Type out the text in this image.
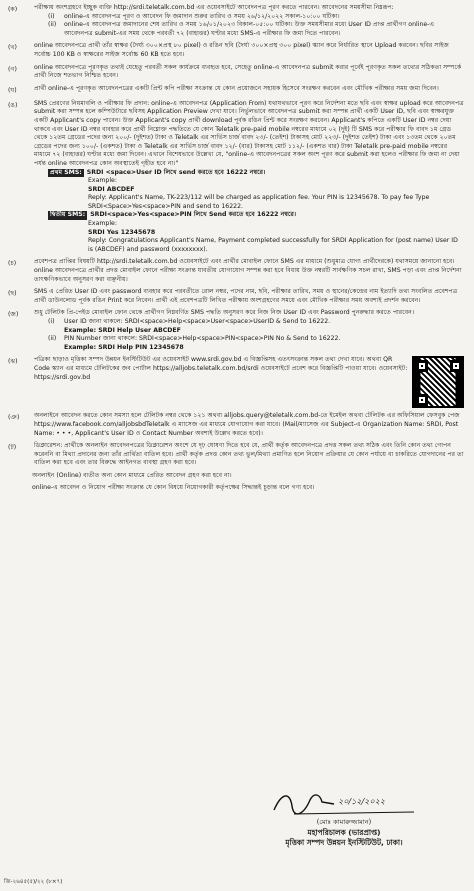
(ক)	পরীক্ষায় অংশগ্রহণে ইচ্ছুক ব্যক্তি http://srdi.teletalk.com.bd এর ওয়েবসাইটে আবেদনপত্র পূরণ করতে পারবেন। আবেদনের সময়সীমা নিম্নরূপ:
(i)	online-এ আবেদনপত্র পূরণ ও আবেদন ফি জমাদান শুরুর তারিখ ও সময় ২৬/১২/২০২২ সকাল-১০:০০ ঘটিকা।
(ii)	online-এ আবেদনপত্র জমাদানের শেষ তারিখ ও সময় ১৬/০১/২০২৩ বিকাল-০৫:০০ ঘটিকা। উক্ত সময়সীমার মধ্যে User ID প্রাপ্ত প্রার্থীগণ online-এ আবেদনপত্র submit-এর সময় থেকে পরবর্তী ৭২ (বাহাত্তর) ঘণ্টার মধ্যে SMS-এ পরীক্ষার ফি জমা দিতে পারবেন।
(খ)	online আবেদনপত্রে প্রার্থী তাঁর স্বাক্ষর (দৈর্ঘ্য ৩০০×প্রস্থ ৮০ pixel) ও রঙিন ছবি (দৈর্ঘ্য ৩০০×প্রস্থ ৩০০ pixel) স্ক্যান করে নির্ধারিত স্থানে Upload করবেন। ছবির সাইজ সর্বোচ্চ 100 KB ও স্বাক্ষরের সাইজ সর্বোচ্চ 60 KB হতে হবে।
(গ)	online আবেদনপত্রে পূরণকৃত তথ্যই যেহেতু পরবর্তী সকল কার্যক্রমে ব্যবহৃত হবে, সেহেতু online-এ আবেদনপত্র submit করার পূর্বেই পূরণকৃত সকল তথ্যের সঠিকতা সম্পর্কে প্রার্থী নিজে শতভাগ নিশ্চিত হবেন।
(ঘ)	প্রার্থী online-এ পূরণকৃত আবেদনপত্রের একটি প্রিন্ট কপি পরীক্ষা সংক্রান্ত যে কোন প্রয়োজনে সহায়ক হিসেবে সংরক্ষণ করবেন এবং মৌখিক পরীক্ষার সময় জমা দিবেন।
(ঙ)	SMS প্রেরণের নিয়মাবলি ও পরীক্ষার ফি প্রদান: online-এ আবেদনপত্র (Application From) যথাযথভাবে পূরণ করে নির্দেশনা মতে ছবি এবং স্বাক্ষর upload করে আবেদনপত্র submit করা সম্পন্ন হলে কম্পিউটারে ছবিসহ Application Preview দেখা যাবে। নির্ভুলভাবে আবেদনপত্র submit করা সম্পন্ন প্রার্থী একটি User ID, ছবি এবং স্বাক্ষরযুক্ত একটি Applicant's copy পাবেন। উক্ত Applicant's copy প্রার্থী download পূর্বক রঙিন প্রিন্ট করে সংরক্ষণ করবেন। Applicant's কপিতে একটি User ID নম্বর দেয়া থাকবে এবং User ID নম্বর ব্যবহার করে প্রার্থী নিম্নোক্ত পদ্ধতিতে যে কোন Teletalk pre-paid mobile নম্বরের মাধ্যমে ০২ (দুই) টি SMS করে পরীক্ষার ফি বাবদ ১ম গ্রেড থেকে ১২তম গ্রেডের পদের জন্য ২০০/- (দুইশত) টাকা ও Teletalk এর সার্ভিস চার্জ বাবদ ২৩/- (তেইশ) টাকাসহ মোট ২২৩/- (দুইশত তেইশ) টাকা এবং ১৩তম থেকে ২০তম গ্রেডের পদের জন্য ১০০/- (একশত) টাকা ও Teletalk এর সার্ভিস চার্জ বাবদ ১২/- (বার) টাকাসহ মোট ১১২/- (একশত বার) টাকা Teletalk pre-paid mobile নম্বরের মাধ্যমে ৭২ (বাহাত্তর) ঘণ্টার মধ্যে জমা দিবেন। এখানে বিশেষভাবে উল্লেখ্য যে, "online-এ আবেদনপত্রের সকল অংশ পূরণ করে submit করা হলেও পরীক্ষার ফি জমা না দেয়া পর্যন্ত online আবেদনপত্র কোন অবস্থাতেই গৃহীত হবে না।"
প্রথম SMS: SRDI <space>User ID লিখে send করতে হবে 16222 নম্বরে।
Example:
SRDI ABCDEF
Reply: Applicant's Name, TK-223/112 will be charged as application fee. Your PIN is 12345678. To pay fee Type SRDI<Space>Yes<space>PIN and send to 16222.
দ্বিতীয় SMS: SRDI<space>Yes<space>PIN লিখে Send করতে হবে 16222 নম্বরে।
Example:
SRDI Yes 12345678
Reply: Congratulations Applicant's Name, Payment completed successfully for SRDI Application for (post name) User ID is (ABCDEF) and password (xxxxxxxx).
(চ)	প্রবেশপত্র প্রাপ্তির বিষয়টি http://srdi.teletalk.com.bd ওয়েবসাইটে এবং প্রার্থীর মোবাইল ফোনে SMS এর মাধ্যমে (শুধুমাত্র যোগ্য প্রার্থীদেরকে) যথাসময়ে জানানো হবে। online আবেদনপত্রে প্রার্থীর প্রদত্ত মোবাইল ফোনে পরীক্ষা সংক্রান্ত যাবতীয় যোগাযোগ সম্পন্ন করা হবে বিধায় উক্ত নম্বরটি সার্বক্ষণিক সচল রাখা, SMS পড়া এবং প্রাপ্ত নির্দেশনা তাৎক্ষণিকভাবে অনুসরণ করা বাঞ্ছনীয়।
(ছ)	SMS এ প্রেরিত User ID এবং password ব্যবহার করে পরবর্তীতে রোল নম্বর, পদের নাম, ছবি, পরীক্ষার তারিখ, সময় ও স্থানের/কেন্দ্রের নাম ইত্যাদি তথ্য সংবলিত প্রবেশপত্র প্রার্থী ডাউনলোড পূর্বক রঙিন Print করে নিবেন। প্রার্থী এই প্রবেশপত্রটি লিখিত পরীক্ষায় অংশগ্রহণের সময়ে এবং মৌখিক পরীক্ষার সময় অবশ্যই প্রদর্শন করবেন।
(জ)	শুধু টেলিটক প্রি-পেইড মোবাইল ফোন থেকে প্রার্থীগণ নিম্নবর্ণিত SMS পদ্ধতি অনুসরণ করে নিজ নিজ User ID এবং Password পুনরুদ্ধার করতে পারবেন।
(i)	User ID জানা থাকলে: SRDI<space>Help<space>User<space>UserID & Send to 16222.
Example: SRDI Help User ABCDEF
(ii)	PIN Number জানা থাকলে: SRDI<space>Help<space>PIN<space>PIN No & Send to 16222.
Example: SRDI Help PIN 12345678
(ঝ)	পত্রিকা ছাড়াও মৃত্তিকা সম্পদ উন্নয়ন ইনস্টিটিউট এর ওয়েবসাইট www.srdi.gov.bd এ বিজ্ঞপ্তিসহ এতৎসংক্রান্ত সকল তথ্য দেখা যাবে। অথবা QR Code স্ক্যান এর মাধ্যমে টেলিটকের জব পোর্টাল https://alljobs.teletalk.com.bd/srdi ওয়েবসাইটে প্রবেশ করে বিজ্ঞপ্তিটি পাওয়া যাবে। ওয়েবসাইট: https://srdi.gov.bd
(ঞ)	অনলাইনে আবেদন করতে কোন সমস্যা হলে টেলিটক নম্বর থেকে ১২১ অথবা alljobs.query@teletalk.com.bd-তে ইমেইল অথবা টেলিটক এর অফিসিয়াল ফেসবুক পেজ https://www.facebook.com/alljobsbdTeletalk এ ম্যাসেজ এর মাধ্যমে যোগাযোগ করা যাবে। (Mail/ম্যাসেজ এর Subject-এ Organization Name: SRDI, Post Name: • • •, Applicant's User ID ও Contact Number অবশ্যই উল্লেখ করতে হবে)।
(ট)	ডিক্লারেশন: প্রার্থীকে অনলাইন আবেদনপত্রের ডিক্লারেশন অংশে যে দৃঢ় ঘোষণা দিতে হবে যে, প্রার্থী কর্তৃক আবেদনপত্রে প্রদত্ত সকল তথ্য সঠিক এবং তিনি কোন তথ্য গোপন করেননি বা মিথ্যা প্রদানের জন্য তাঁর প্রার্থিতা বাতিল হবে। প্রার্থী কর্তৃক প্রদত্ত কোন তথ্য ভুল/মিথ্যা প্রমাণিত হলে নিয়োগ প্রক্রিয়ার যে কোন পর্যায়ে বা চাকরিতে যোগদানের পর তা বাতিল করা হবে এবং তার বিরুদ্ধে আইনগত ব্যবস্থা গ্রহণ করা হবে।
অনলাইন (Online) ব্যতীত অন্য কোন মাধ্যমে প্রেরিত আবেদন গ্রহণ করা হবে না।
online-এ আবেদন ও নিয়োগ পরীক্ষা সংক্রান্ত যে কোন বিষয়ে নিয়োগকারী কর্তৃপক্ষের সিদ্ধান্তই চূড়ান্ত বলে গণ্য হবে।
২০/১২/২০২২
(মোঃ কামারুজ্জামান)
মহাপরিচালক (ভারপ্রাপ্ত)
মৃত্তিকা সম্পদ উন্নয়ন ইনস্টিটিউট, ঢাকা।
জি-২৬৪৫(৫)/২২ (৮×৭)
